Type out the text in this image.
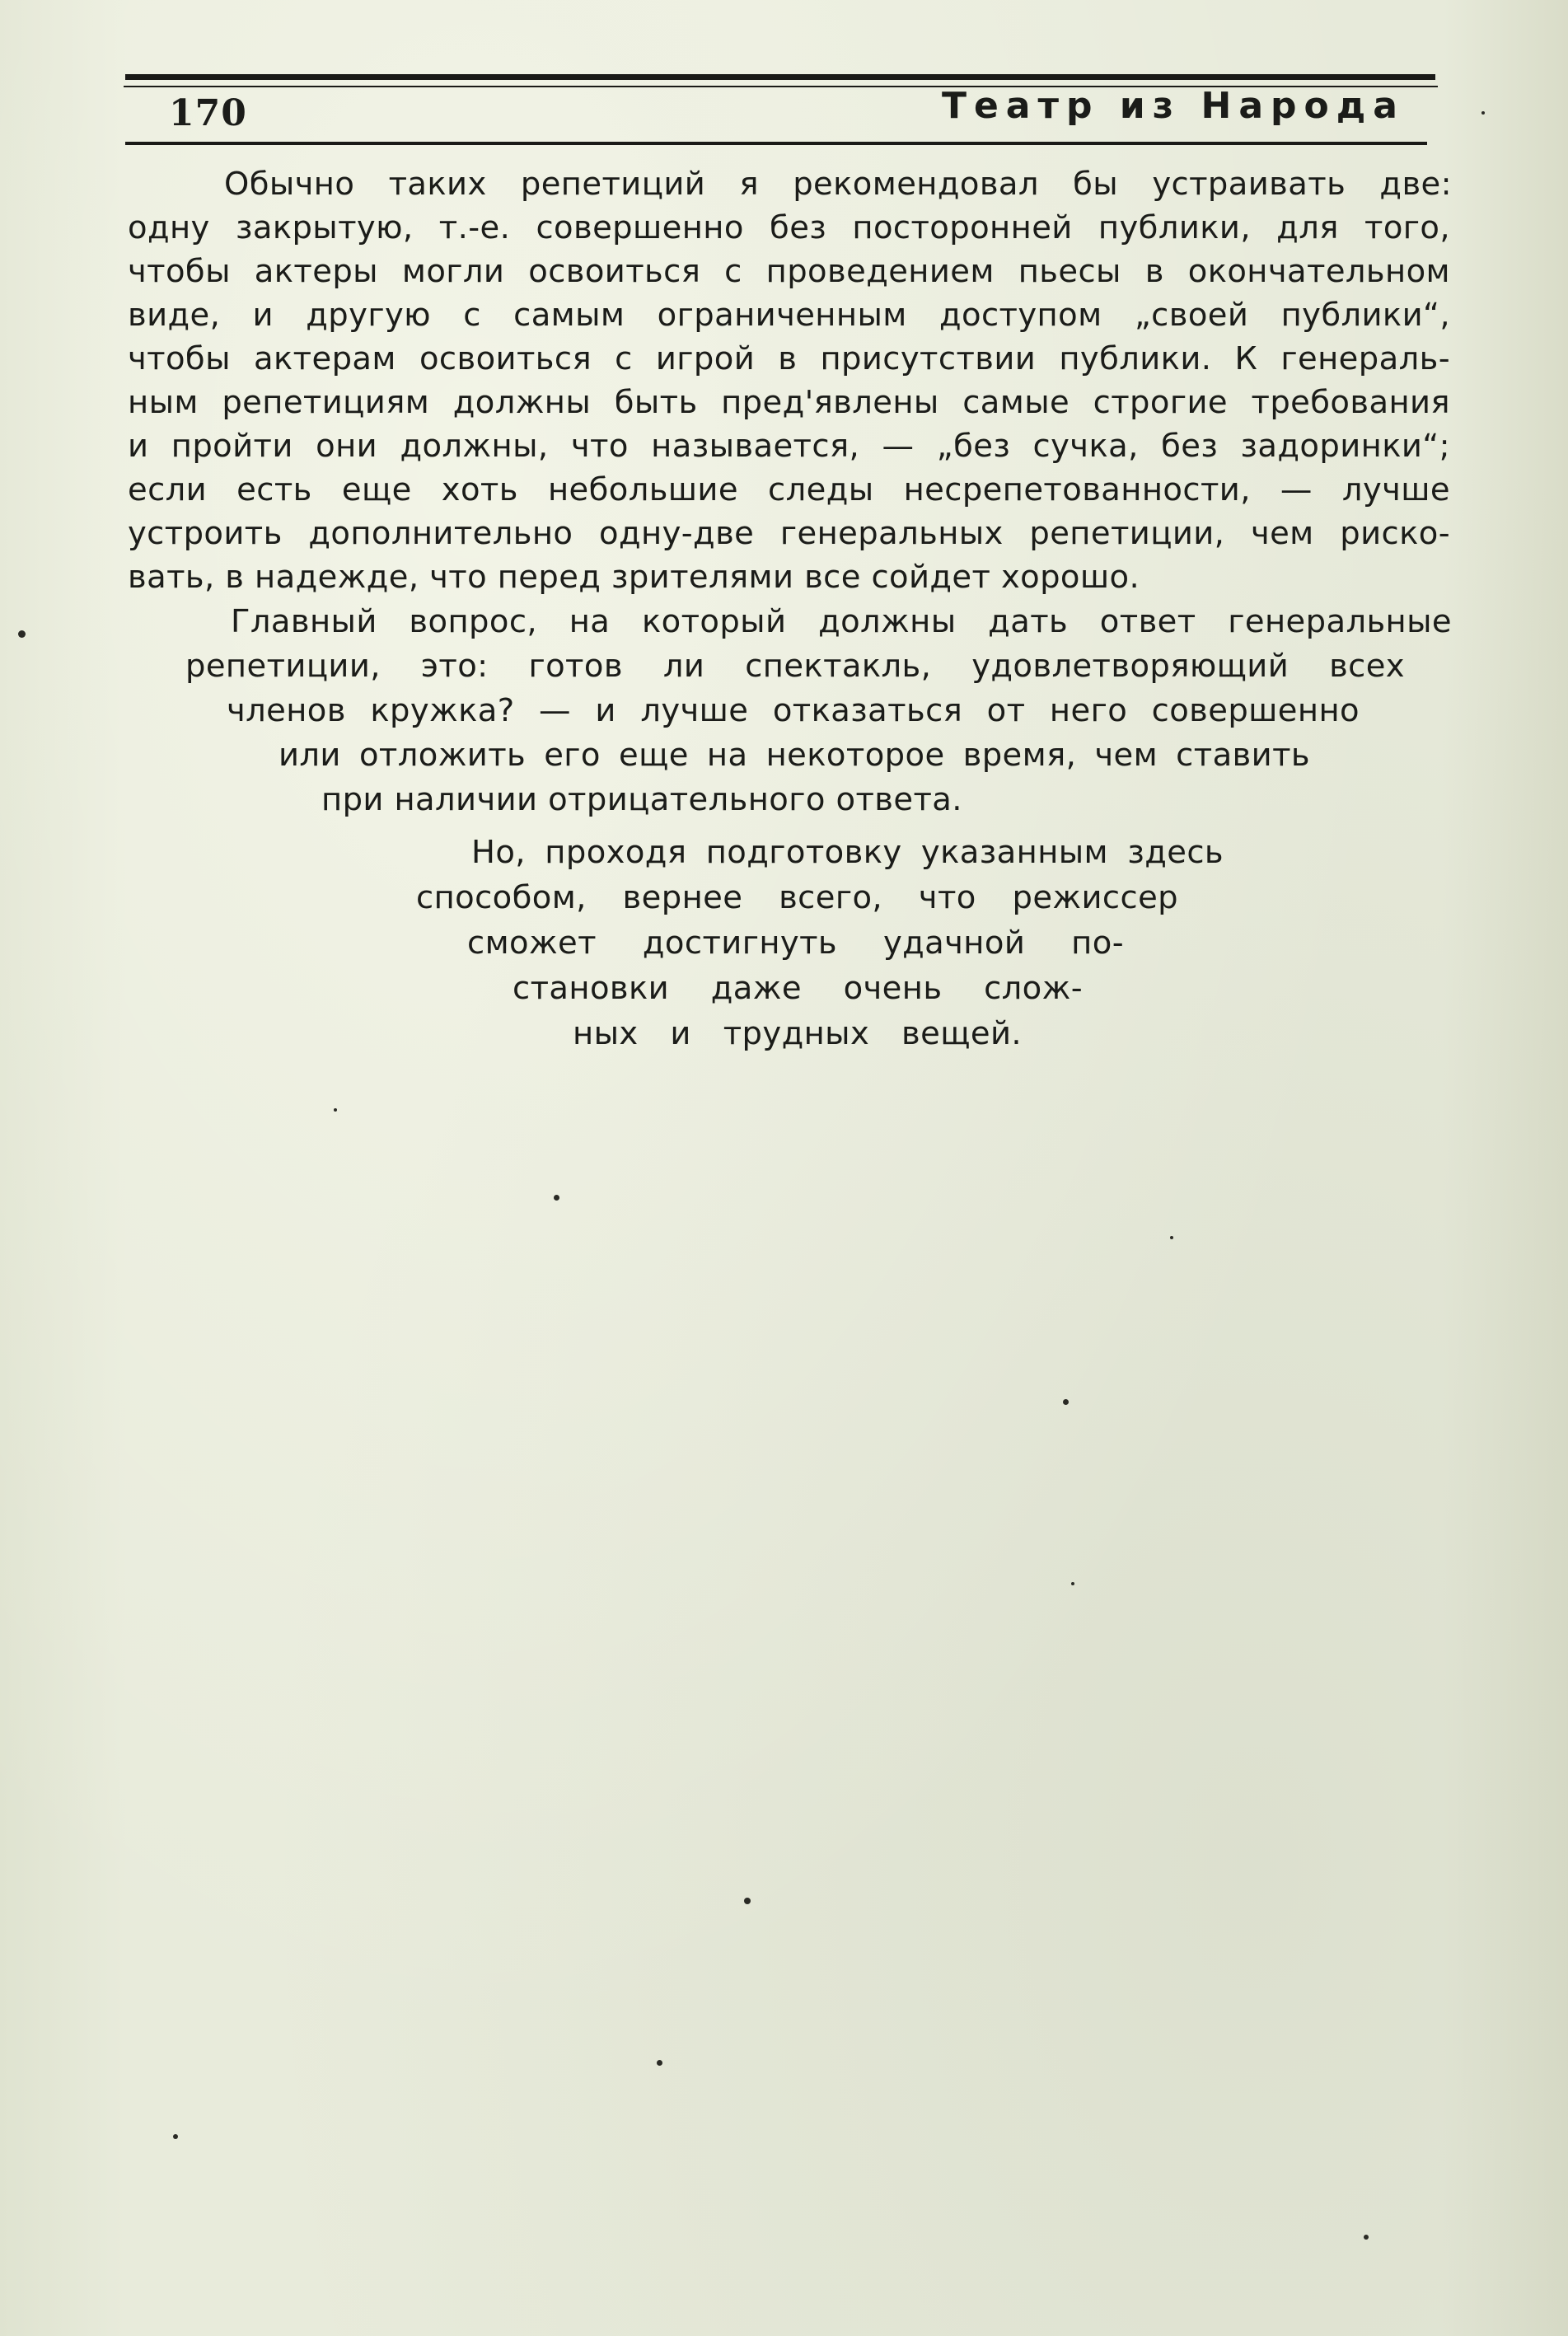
170	Театр из Народа
Обычно таких репетиций я рекомендовал бы устраивать две:
одну закрытую, т.-е. совершенно без посторонней публики, для того,
чтобы актеры могли освоиться с проведением пьесы в окончательном
виде, и другую с самым ограниченным доступом „своей публики“,
чтобы актерам освоиться с игрой в присутствии публики. К генераль-
ным репетициям должны быть пред'явлены самые строгие требования
и пройти они должны, что называется, — „без сучка, без задоринки“;
если есть еще хоть небольшие следы несрепетованности, — лучше
устроить дополнительно одну-две генеральных репетиции, чем риско-
вать, в надежде, что перед зрителями все сойдет хорошо.
Главный вопрос, на который должны дать ответ генеральные
репетиции, это: готов ли спектакль, удовлетворяющий всех
членов кружка? — и лучше отказаться от него совершенно
или отложить его еще на некоторое время, чем ставить
при наличии отрицательного ответа.
Но, проходя подготовку указанным здесь
способом, вернее всего, что режиссер
сможет достигнуть удачной по-
становки даже очень слож-
ных и трудных вещей.
